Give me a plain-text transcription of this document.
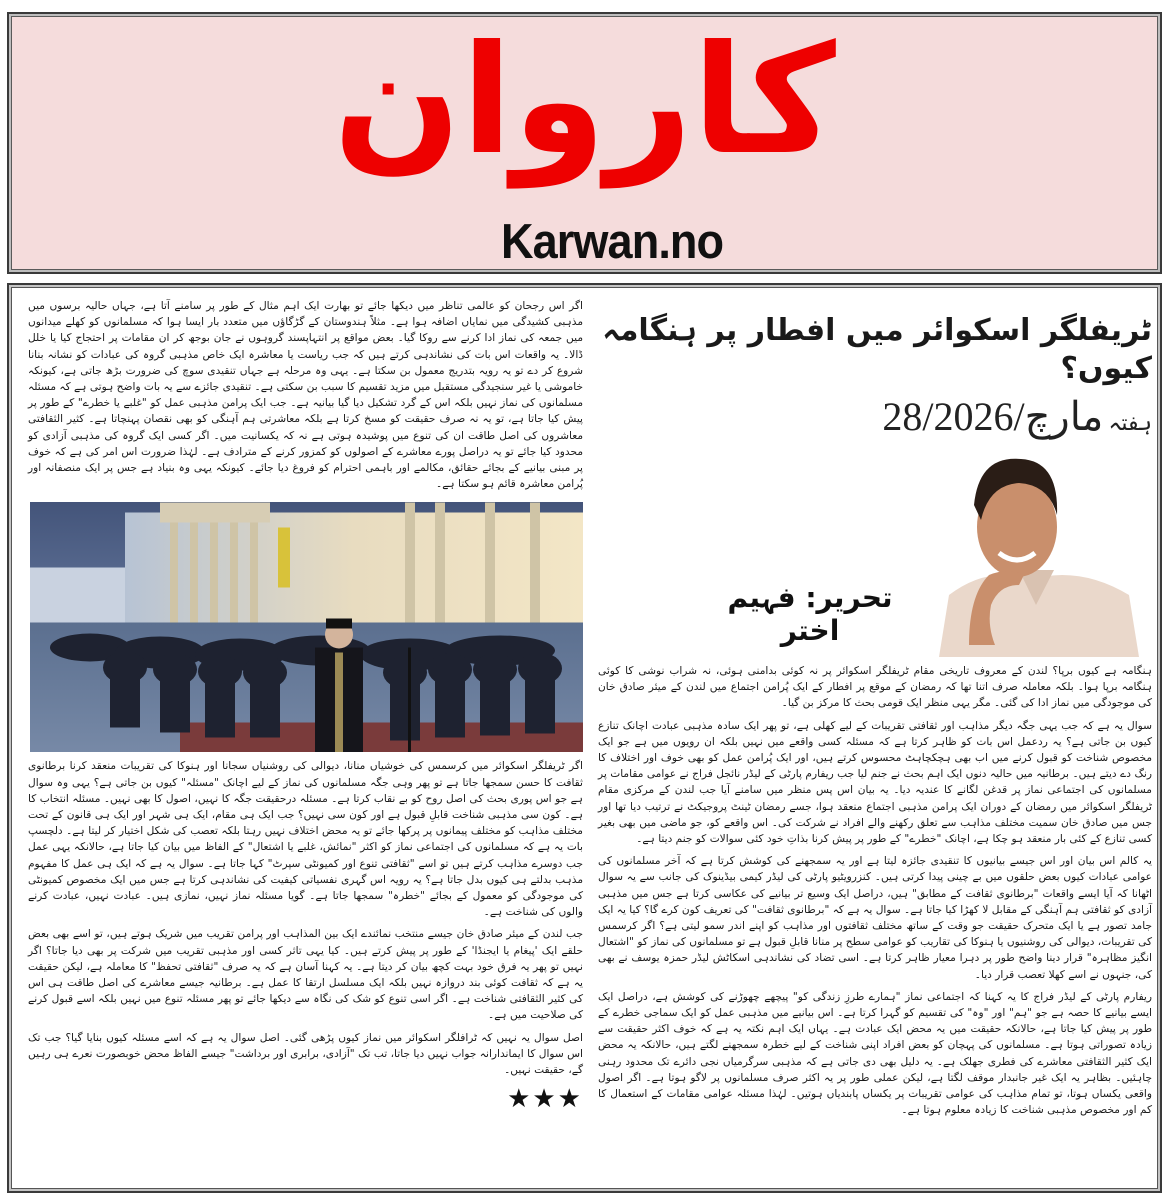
کاروان
Karwan.no

اگر اس رجحان کو عالمی تناظر میں دیکھا جائے تو بھارت ایک اہم مثال کے طور پر سامنے آتا ہے، جہاں حالیہ برسوں میں مذہبی کشیدگی میں نمایاں اضافہ ہوا ہے۔ مثلاً ہندوستان کے گڑگاؤں میں متعدد بار ایسا ہوا کہ مسلمانوں کو کھلے میدانوں میں جمعہ کی نماز ادا کرنے سے روکا گیا۔ بعض مواقع پر انتہاپسند گروہوں نے جان بوجھ کر ان مقامات پر احتجاج کیا یا خلل ڈالا۔ یہ واقعات اس بات کی نشاندہی کرتے ہیں کہ جب ریاست یا معاشرہ ایک خاص مذہبی گروہ کی عبادات کو نشانہ بنانا شروع کر دے تو یہ رویہ بتدریج معمول بن سکتا ہے۔ یہی وہ مرحلہ ہے جہاں تنقیدی سوچ کی ضرورت بڑھ جاتی ہے، کیونکہ خاموشی یا غیر سنجیدگی مستقبل میں مزید تقسیم کا سبب بن سکتی ہے۔ تنقیدی جائزے سے یہ بات واضح ہوتی ہے کہ مسئلہ مسلمانوں کی نماز نہیں بلکہ اس کے گرد تشکیل دیا گیا بیانیہ ہے۔ جب ایک پرامن مذہبی عمل کو "غلبے یا خطرے" کے طور پر پیش کیا جاتا ہے، تو یہ نہ صرف حقیقت کو مسخ کرتا ہے بلکہ معاشرتی ہم آہنگی کو بھی نقصان پہنچاتا ہے۔ کثیر الثقافتی معاشروں کی اصل طاقت ان کی تنوع میں پوشیدہ ہوتی ہے نہ کہ یکسانیت میں۔ اگر کسی ایک گروہ کی مذہبی آزادی کو محدود کیا جائے تو یہ دراصل پورے معاشرے کے اصولوں کو کمزور کرنے کے مترادف ہے۔ لہٰذا ضرورت اس امر کی ہے کہ خوف پر مبنی بیانیے کے بجائے حقائق، مکالمے اور باہمی احترام کو فروغ دیا جائے۔ کیونکہ یہی وہ بنیاد ہے جس پر ایک منصفانہ اور پُرامن معاشرہ قائم ہو سکتا ہے۔

اگر ٹریفلگر اسکوائر میں کرسمس کی خوشیاں منانا، دیوالی کی روشنیاں سجانا اور ہنوکا کی تقریبات منعقد کرنا برطانوی ثقافت کا حسن سمجھا جاتا ہے تو پھر وہی جگہ مسلمانوں کی نماز کے لیے اچانک "مسئلہ" کیوں بن جاتی ہے؟ یہی وہ سوال ہے جو اس پوری بحث کی اصل روح کو بے نقاب کرتا ہے۔ مسئلہ درحقیقت جگہ کا نہیں، اصول کا بھی نہیں۔ مسئلہ انتخاب کا ہے۔ کون سی مذہبی شناخت قابلِ قبول ہے اور کون سی نہیں؟ جب ایک ہی مقام، ایک ہی شہر اور ایک ہی قانون کے تحت مختلف مذاہب کو مختلف پیمانوں پر پرکھا جائے تو یہ محض اختلاف نہیں رہتا بلکہ تعصب کی شکل اختیار کر لیتا ہے۔ دلچسپ بات یہ ہے کہ مسلمانوں کی اجتماعی نماز کو اکثر "نمائش، غلبے یا اشتعال" کے الفاظ میں بیان کیا جاتا ہے، حالانکہ یہی عمل جب دوسرے مذاہب کرتے ہیں تو اسے "ثقافتی تنوع اور کمیونٹی سپرٹ" کہا جاتا ہے۔ سوال یہ ہے کہ ایک ہی عمل کا مفہوم مذہب بدلتے ہی کیوں بدل جاتا ہے؟ یہ رویہ اس گہری نفسیاتی کیفیت کی نشاندہی کرتا ہے جس میں ایک مخصوص کمیونٹی کی موجودگی کو معمول کے بجائے "خطرہ" سمجھا جاتا ہے۔ گویا مسئلہ نماز نہیں، نمازی ہیں۔ عبادت نہیں، عبادت کرنے والوں کی شناخت ہے۔

جب لندن کے میئر صادق خان جیسے منتخب نمائندے ایک بین المذاہب اور پرامن تقریب میں شریک ہوتے ہیں، تو اسے بھی بعض حلقے ایک 'پیغام یا ایجنڈا' کے طور پر پیش کرتے ہیں۔ کیا یہی تاثر کسی اور مذہبی تقریب میں شرکت پر بھی دیا جاتا؟ اگر نہیں تو پھر یہ فرق خود بہت کچھ بیان کر دیتا ہے۔ یہ کہنا آسان ہے کہ یہ صرف "ثقافتی تحفظ" کا معاملہ ہے، لیکن حقیقت یہ ہے کہ ثقافت کوئی بند دروازہ نہیں بلکہ ایک مسلسل ارتقا کا عمل ہے۔ برطانیہ جیسے معاشرے کی اصل طاقت ہی اس کی کثیر الثقافتی شناخت ہے۔ اگر اسی تنوع کو شک کی نگاہ سے دیکھا جائے تو پھر مسئلہ تنوع میں نہیں بلکہ اسے قبول کرنے کی صلاحیت میں ہے۔

اصل سوال یہ نہیں کہ ٹرافلگر اسکوائر میں نماز کیوں پڑھی گئی۔ اصل سوال یہ ہے کہ اسے مسئلہ کیوں بنایا گیا؟ جب تک اس سوال کا ایماندارانہ جواب نہیں دیا جاتا، تب تک "آزادی، برابری اور برداشت" جیسے الفاظ محض خوبصورت نعرے ہی رہیں گے، حقیقت نہیں۔

★★★
ٹریفلگر اسکوائر میں افطار پر ہنگامہ کیوں؟
ہفتہ 28/مارچ/2026
تحریر: فہیم اختر

ہنگامہ ہے کیوں برپا؟ لندن کے معروف تاریخی مقام ٹریفلگر اسکوائر پر نہ کوئی بدامنی ہوئی، نہ شراب نوشی کا کوئی ہنگامہ برپا ہوا۔ بلکہ معاملہ صرف اتنا تھا کہ رمضان کے موقع پر افطار کے ایک پُرامن اجتماع میں لندن کے میئر صادق خان کی موجودگی میں نماز ادا کی گئی۔ مگر یہی منظر ایک قومی بحث کا مرکز بن گیا۔

سوال یہ ہے کہ جب یہی جگہ دیگر مذاہب اور ثقافتی تقریبات کے لیے کھلی ہے، تو پھر ایک سادہ مذہبی عبادت اچانک تنازع کیوں بن جاتی ہے؟ یہ ردعمل اس بات کو ظاہر کرتا ہے کہ مسئلہ کسی واقعے میں نہیں بلکہ ان رویوں میں ہے جو ایک مخصوص شناخت کو قبول کرنے میں اب بھی ہچکچاہٹ محسوس کرتے ہیں، اور ایک پُرامن عمل کو بھی خوف اور اختلاف کا رنگ دے دیتے ہیں۔ برطانیہ میں حالیہ دنوں ایک اہم بحث نے جنم لیا جب ریفارم پارٹی کے لیڈر نائجل فراج نے عوامی مقامات پر مسلمانوں کی اجتماعی نماز پر قدغن لگانے کا عندیہ دیا۔ یہ بیان اس پس منظر میں سامنے آیا جب لندن کے مرکزی مقام ٹریفلگر اسکوائر میں رمضان کے دوران ایک پرامن مذہبی اجتماع منعقد ہوا، جسے رمضان ٹینٹ پروجیکٹ نے ترتیب دیا تھا اور جس میں صادق خان سمیت مختلف مذاہب سے تعلق رکھنے والے افراد نے شرکت کی۔ اس واقعے کو، جو ماضی میں بھی بغیر کسی تنازع کے کئی بار منعقد ہو چکا ہے، اچانک "خطرے" کے طور پر پیش کرنا بذاتِ خود کئی سوالات کو جنم دیتا ہے۔

یہ کالم اس بیان اور اس جیسے بیانیوں کا تنقیدی جائزہ لیتا ہے اور یہ سمجھنے کی کوشش کرتا ہے کہ آخر مسلمانوں کی عوامی عبادات کیوں بعض حلقوں میں بے چینی پیدا کرتی ہیں۔ کنزرویٹیو پارٹی کی لیڈر کیمی بیڈینوک کی جانب سے یہ سوال اٹھانا کہ آیا ایسے واقعات "برطانوی ثقافت کے مطابق" ہیں، دراصل ایک وسیع تر بیانیے کی عکاسی کرتا ہے جس میں مذہبی آزادی کو ثقافتی ہم آہنگی کے مقابل لا کھڑا کیا جاتا ہے۔ سوال یہ ہے کہ "برطانوی ثقافت" کی تعریف کون کرے گا؟ کیا یہ ایک جامد تصور ہے یا ایک متحرک حقیقت جو وقت کے ساتھ مختلف ثقافتوں اور مذاہب کو اپنے اندر سمو لیتی ہے؟ اگر کرسمس کی تقریبات، دیوالی کی روشنیوں یا ہنوکا کی تقاریب کو عوامی سطح پر منانا قابلِ قبول ہے تو مسلمانوں کی نماز کو "اشتعال انگیز مظاہرہ" قرار دینا واضح طور پر دہرا معیار ظاہر کرتا ہے۔ اسی تضاد کی نشاندہی اسکاٹش لیڈر حمزہ یوسف نے بھی کی، جنہوں نے اسے کھلا تعصب قرار دیا۔

ریفارم پارٹی کے لیڈر فراج کا یہ کہنا کہ اجتماعی نماز "ہمارے طرزِ زندگی کو" پیچھے چھوڑنے کی کوشش ہے، دراصل ایک ایسے بیانیے کا حصہ ہے جو "ہم" اور "وہ" کی تقسیم کو گہرا کرتا ہے۔ اس بیانیے میں مذہبی عمل کو ایک سماجی خطرے کے طور پر پیش کیا جاتا ہے، حالانکہ حقیقت میں یہ محض ایک عبادت ہے۔ یہاں ایک اہم نکتہ یہ ہے کہ خوف اکثر حقیقت سے زیادہ تصوراتی ہوتا ہے۔ مسلمانوں کی پہچان کو بعض افراد اپنی شناخت کے لیے خطرہ سمجھنے لگتے ہیں، حالانکہ یہ محض ایک کثیر الثقافتی معاشرے کی فطری جھلک ہے۔ یہ دلیل بھی دی جاتی ہے کہ مذہبی سرگرمیاں نجی دائرے تک محدود رہنی چاہئیں۔ بظاہر یہ ایک غیر جانبدار موقف لگتا ہے، لیکن عملی طور پر یہ اکثر صرف مسلمانوں پر لاگو ہوتا ہے۔ اگر اصول واقعی یکساں ہوتا، تو تمام مذاہب کی عوامی تقریبات پر یکساں پابندیاں ہوتیں۔ لہٰذا مسئلہ عوامی مقامات کے استعمال کا کم اور مخصوص مذہبی شناخت کا زیادہ معلوم ہوتا ہے۔
